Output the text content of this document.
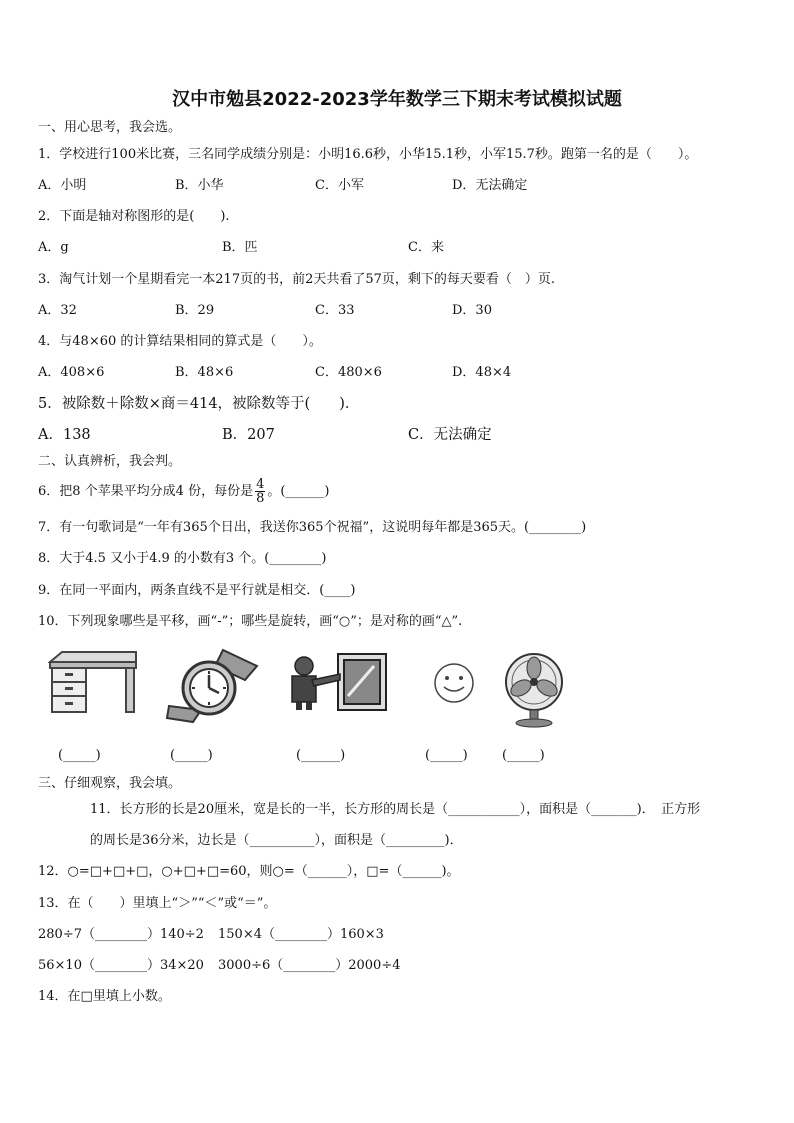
汉中市勉县2022-2023学年数学三下期末考试模拟试题
一、用心思考，我会选。
1．学校进行100米比赛，三名同学成绩分别是：小明16.6秒，小华15.1秒，小军15.7秒。跑第一名的是（　　）。
A．小明	B．小华	C．小军	D．无法确定
2．下面是轴对称图形的是(　　).
A．g	B．匹	C．来
3．淘气计划一个星期看完一本217页的书，前2天共看了57页，剩下的每天要看（　）页.
A．32	B．29	C．33	D．30
4．与48×60 的计算结果相同的算式是（　　）。
A．408×6	B．48×6	C．480×6	D．48×4
5．被除数＋除数×商＝414，被除数等于(　　)．
A．138	B．207	C．无法确定
二、认真辨析，我会判。
6．把8 个苹果平均分成4 份，每份是 $\frac{4}{8}$ 。(______)
7．有一句歌词是“一年有365个日出，我送你365个祝福”，这说明每年都是365天。(________)
8．大于4.5 又小于4.9 的小数有3 个。(________)
9．在同一平面内，两条直线不是平行就是相交．(____)
10．下列现象哪些是平移，画“-”；哪些是旋转，画“○”；是对称的画“△”.
(_____)	(_____)	(______)	(_____)	(_____)
三、仔细观察，我会填。
11．长方形的长是20厘米，宽是长的一半，长方形的周长是（___________），面积是（_______)．　正方形
的周长是36分米，边长是（__________），面积是（_________)．
12．○=□+□+□，○+□+□=60，则○=（______），□=（______)。
13．在（　　）里填上“＞”“＜”或“＝”。
280÷7（________）140÷2 150×4（________）160×3
56×10（________）34×20 3000÷6（________）2000÷4
14．在□里填上小数。
